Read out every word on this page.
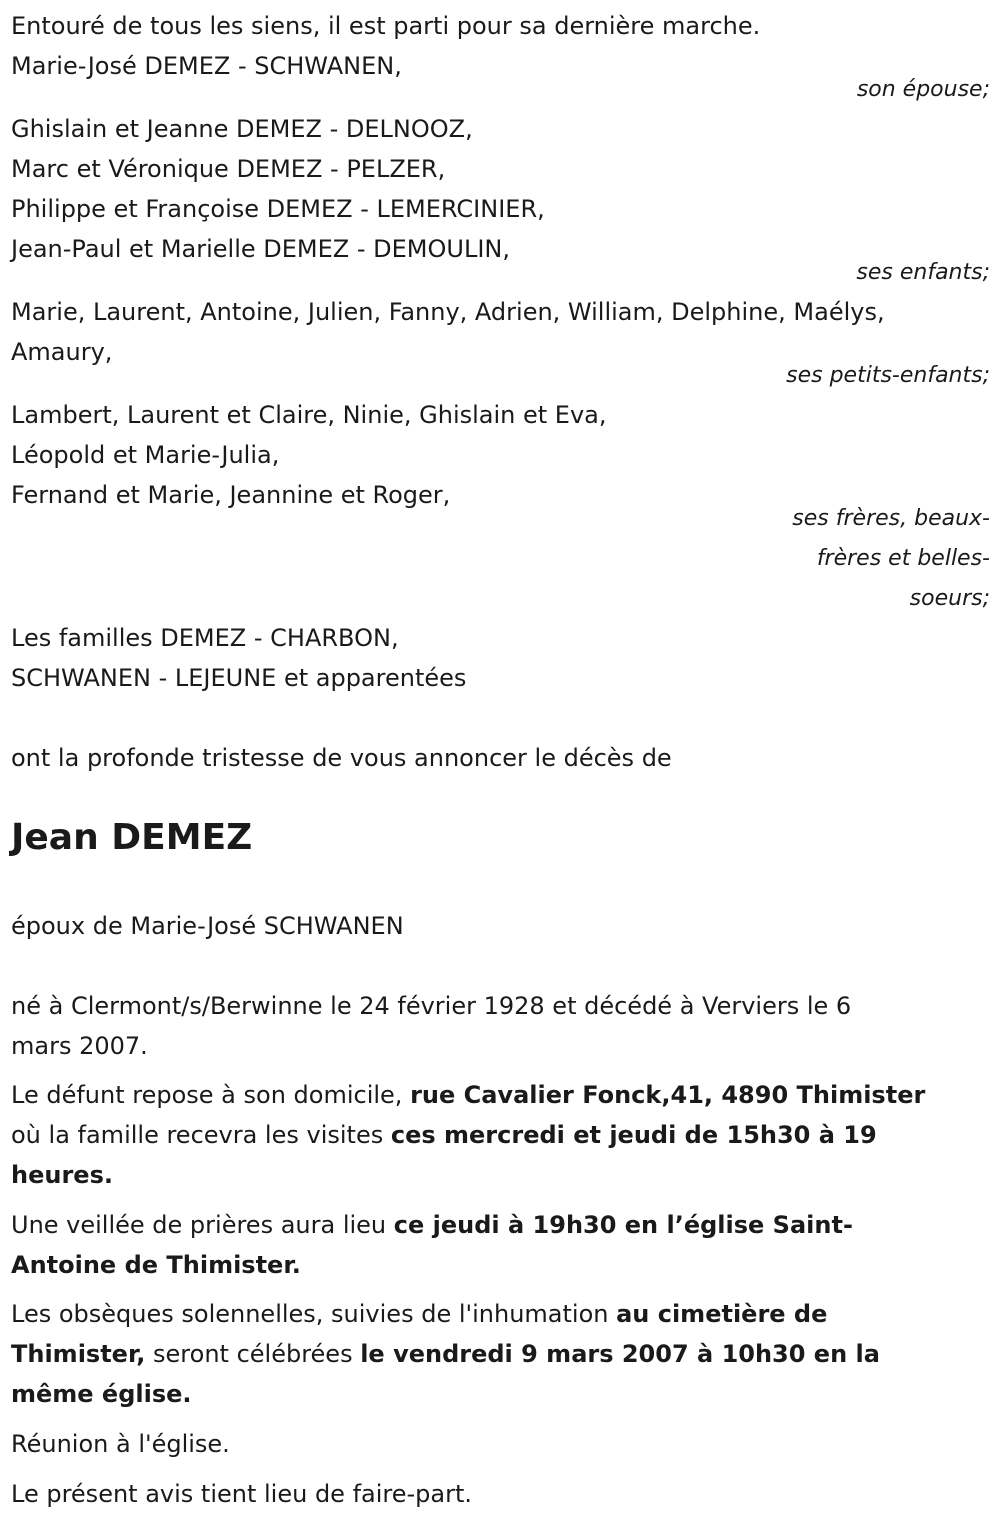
Entouré de tous les siens, il est parti pour sa dernière marche.
Marie-José DEMEZ - SCHWANEN,
son épouse;
Ghislain et Jeanne DEMEZ - DELNOOZ,
Marc et Véronique DEMEZ - PELZER,
Philippe et Françoise DEMEZ - LEMERCINIER,
Jean-Paul et Marielle DEMEZ - DEMOULIN,
ses enfants;
Marie, Laurent, Antoine, Julien, Fanny, Adrien, William, Delphine, Maélys,
Amaury,
ses petits-enfants;
Lambert, Laurent et Claire, Ninie, Ghislain et Eva,
Léopold et Marie-Julia,
Fernand et Marie, Jeannine et Roger,
ses frères, beaux-
frères et belles-
soeurs;
Les familles DEMEZ - CHARBON,
SCHWANEN - LEJEUNE et apparentées
ont la profonde tristesse de vous annoncer le décès de
Jean DEMEZ
époux de Marie-José SCHWANEN
né à Clermont/s/Berwinne le 24 février 1928 et décédé à Verviers le 6
mars 2007.
Le défunt repose à son domicile, rue Cavalier Fonck,41, 4890 Thimister
où la famille recevra les visites ces mercredi et jeudi de 15h30 à 19
heures.
Une veillée de prières aura lieu ce jeudi à 19h30 en l’église Saint-
Antoine de Thimister.
Les obsèques solennelles, suivies de l'inhumation au cimetière de
Thimister, seront célébrées le vendredi 9 mars 2007 à 10h30 en la
même église.
Réunion à l'église.
Le présent avis tient lieu de faire-part.
